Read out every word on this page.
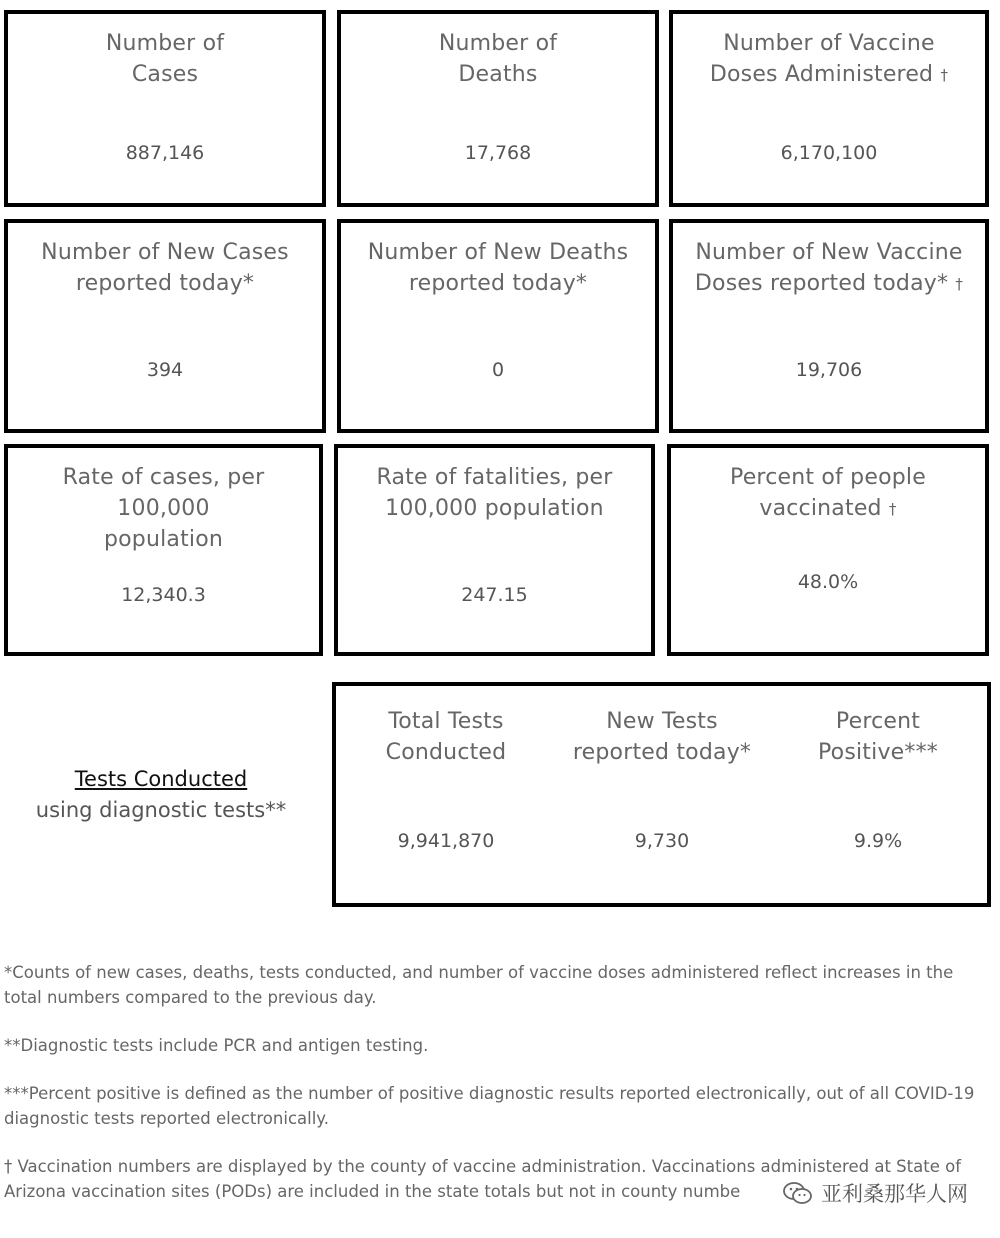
Number of
Cases
887,146
Number of
Deaths
17,768
Number of Vaccine
Doses Administered †
6,170,100
Number of New Cases
reported today*
394
Number of New Deaths
reported today*
0
Number of New Vaccine
Doses reported today* †
19,706
Rate of cases, per 100,000
population
12,340.3
Rate of fatalities, per
100,000 population
247.15
Percent of people
vaccinated †
48.0%
Tests Conducted
using diagnostic tests**
Total Tests
Conducted
9,941,870
New Tests
reported today*
9,730
Percent
Positive***
9.9%

*Counts of new cases, deaths, tests conducted, and number of vaccine doses administered reflect increases in the total numbers compared to the previous day.

**Diagnostic tests include PCR and antigen testing.

***Percent positive is defined as the number of positive diagnostic results reported electronically, out of all COVID-19 diagnostic tests reported electronically.

† Vaccination numbers are displayed by the county of vaccine administration. Vaccinations administered at State of Arizona vaccination sites (PODs) are included in the state totals but not in county numbe	亚利桑那华人网
